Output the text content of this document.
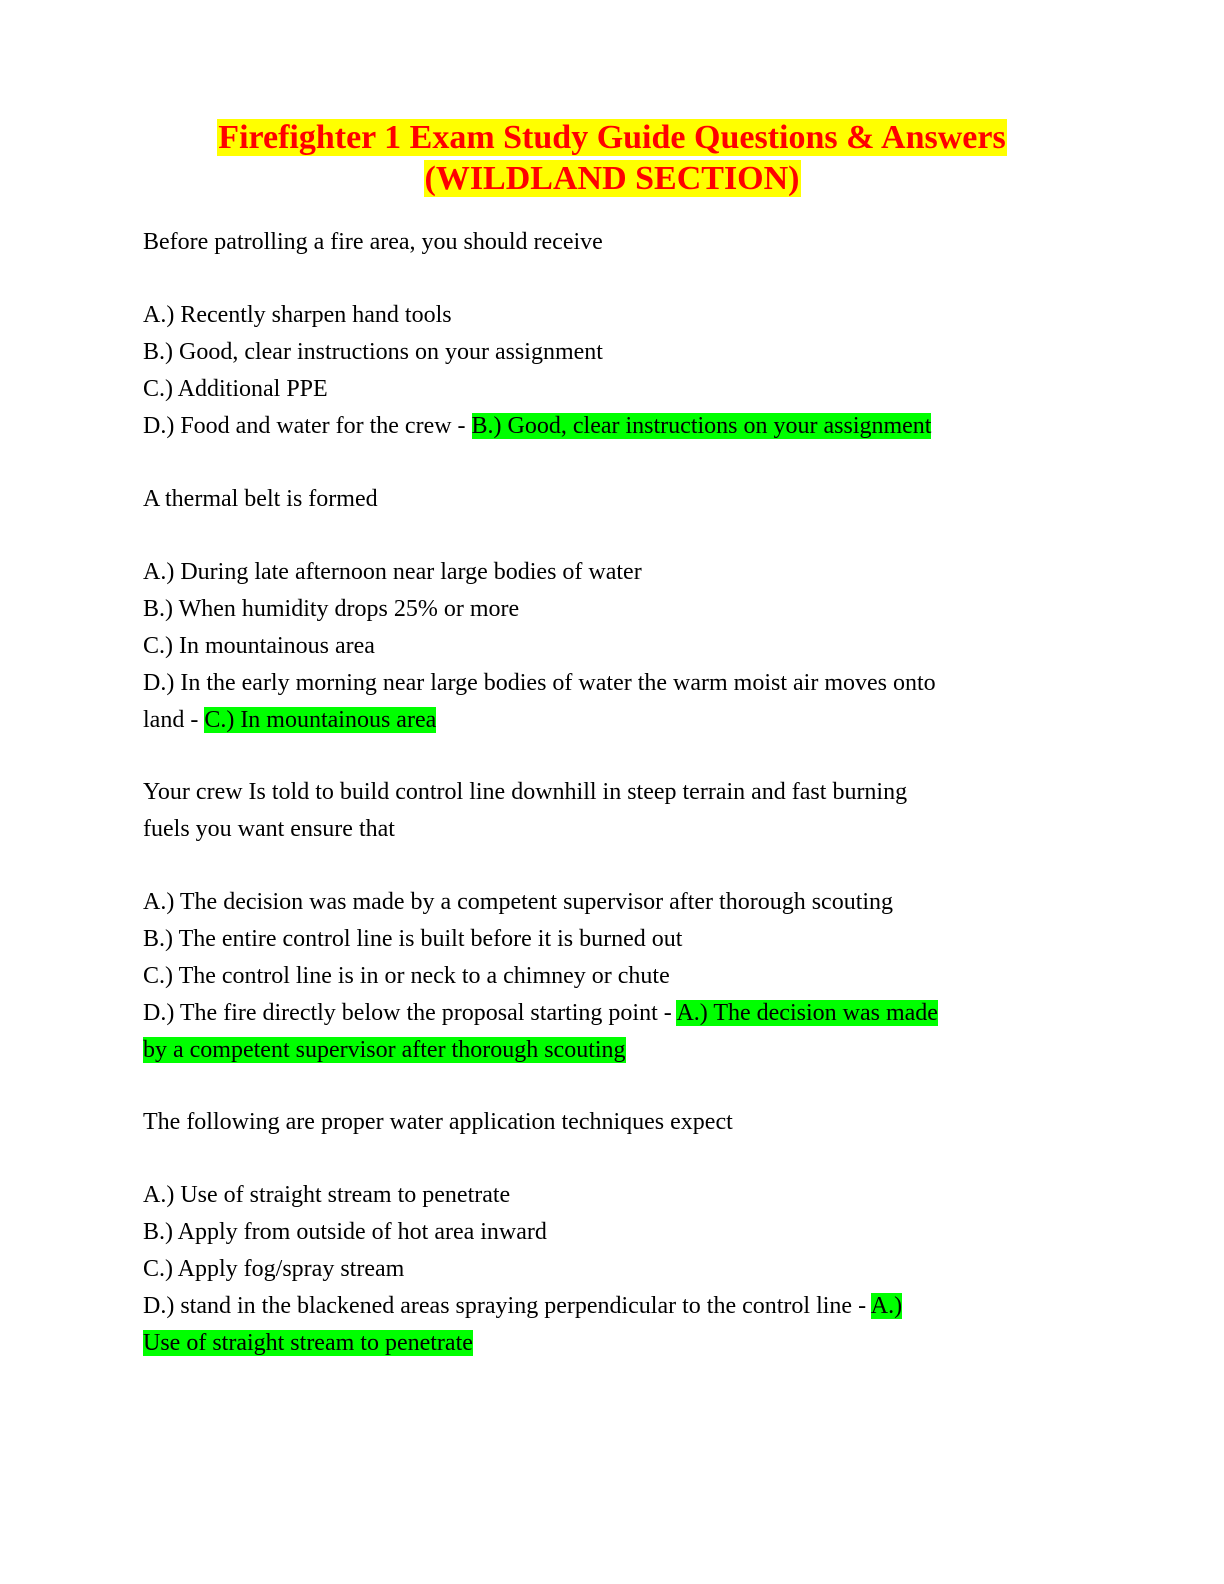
Firefighter 1 Exam Study Guide Questions & Answers
(WILDLAND SECTION)
Before patrolling a fire area, you should receive
A.) Recently sharpen hand tools
B.) Good, clear instructions on your assignment
C.) Additional PPE
D.) Food and water for the crew - B.) Good, clear instructions on your assignment
A thermal belt is formed
A.) During late afternoon near large bodies of water
B.) When humidity drops 25% or more
C.) In mountainous area
D.) In the early morning near large bodies of water the warm moist air moves onto
land - C.) In mountainous area
Your crew Is told to build control line downhill in steep terrain and fast burning
fuels you want ensure that
A.) The decision was made by a competent supervisor after thorough scouting
B.) The entire control line is built before it is burned out
C.) The control line is in or neck to a chimney or chute
D.) The fire directly below the proposal starting point - A.) The decision was made
by a competent supervisor after thorough scouting
The following are proper water application techniques expect
A.) Use of straight stream to penetrate
B.) Apply from outside of hot area inward
C.) Apply fog/spray stream
D.) stand in the blackened areas spraying perpendicular to the control line - A.)
Use of straight stream to penetrate
